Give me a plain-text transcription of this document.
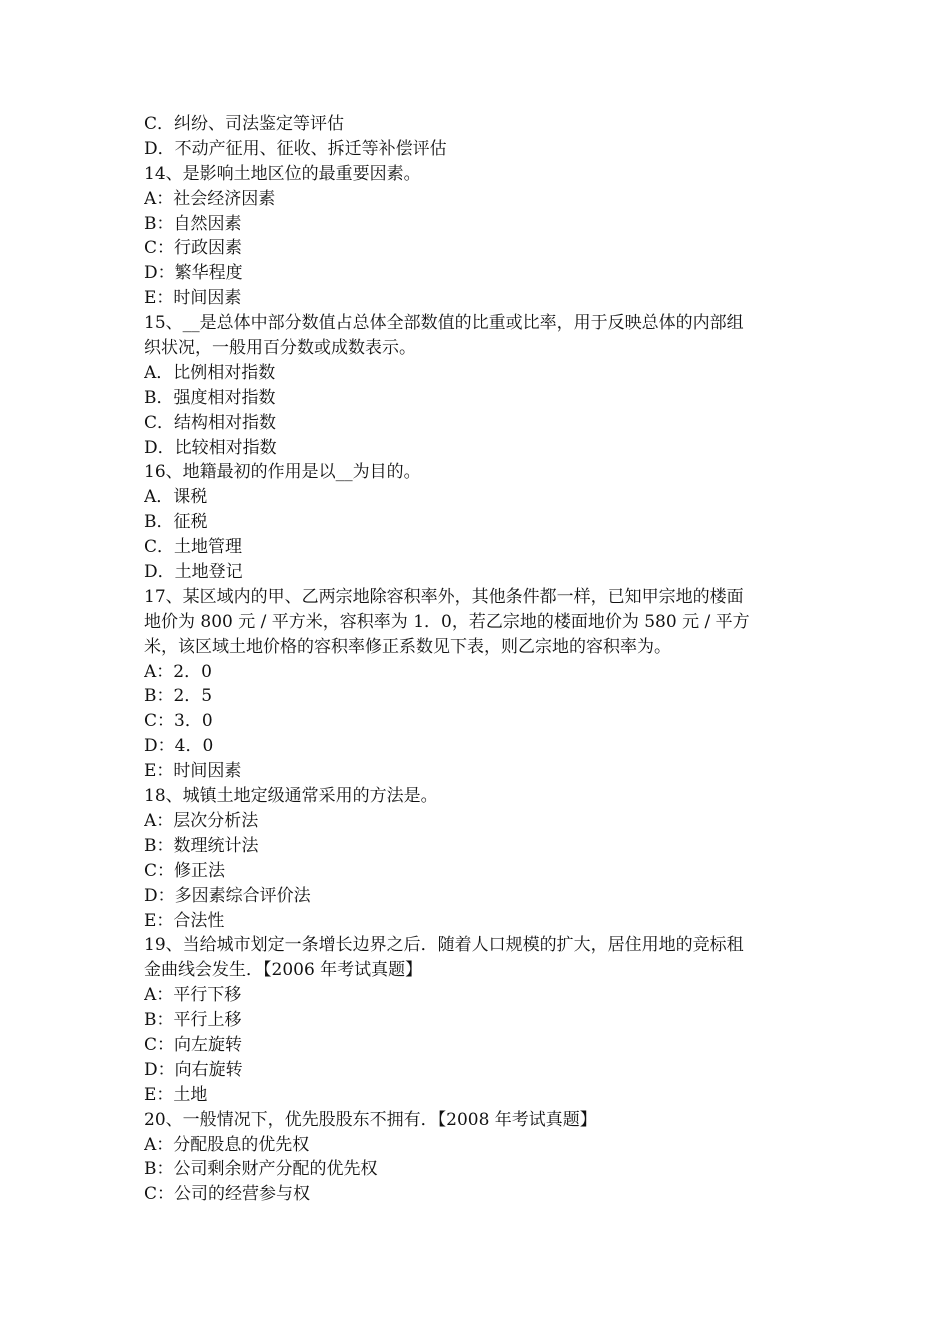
C．纠纷、司法鉴定等评估
D．不动产征用、征收、拆迁等补偿评估
14、是影响土地区位的最重要因素。
A：社会经济因素
B：自然因素
C：行政因素
D：繁华程度
E：时间因素
15、__是总体中部分数值占总体全部数值的比重或比率，用于反映总体的内部组
织状况，一般用百分数或成数表示。
A．比例相对指数
B．强度相对指数
C．结构相对指数
D．比较相对指数
16、地籍最初的作用是以__为目的。
A．课税
B．征税
C．土地管理
D．土地登记
17、某区域内的甲、乙两宗地除容积率外，其他条件都一样，已知甲宗地的楼面
地价为 800 元 / 平方米，容积率为 1．0，若乙宗地的楼面地价为 580 元 / 平方
米，该区域土地价格的容积率修正系数见下表，则乙宗地的容积率为。
A：2．0
B：2．5
C：3．0
D：4．0
E：时间因素
18、城镇土地定级通常采用的方法是。
A：层次分析法
B：数理统计法
C：修正法
D：多因素综合评价法
E：合法性
19、当给城市划定一条增长边界之后．随着人口规模的扩大，居住用地的竞标租
金曲线会发生．【2006 年考试真题】
A：平行下移
B：平行上移
C：向左旋转
D：向右旋转
E：土地
20、一般情况下，优先股股东不拥有．【2008 年考试真题】
A：分配股息的优先权
B：公司剩余财产分配的优先权
C：公司的经营参与权
